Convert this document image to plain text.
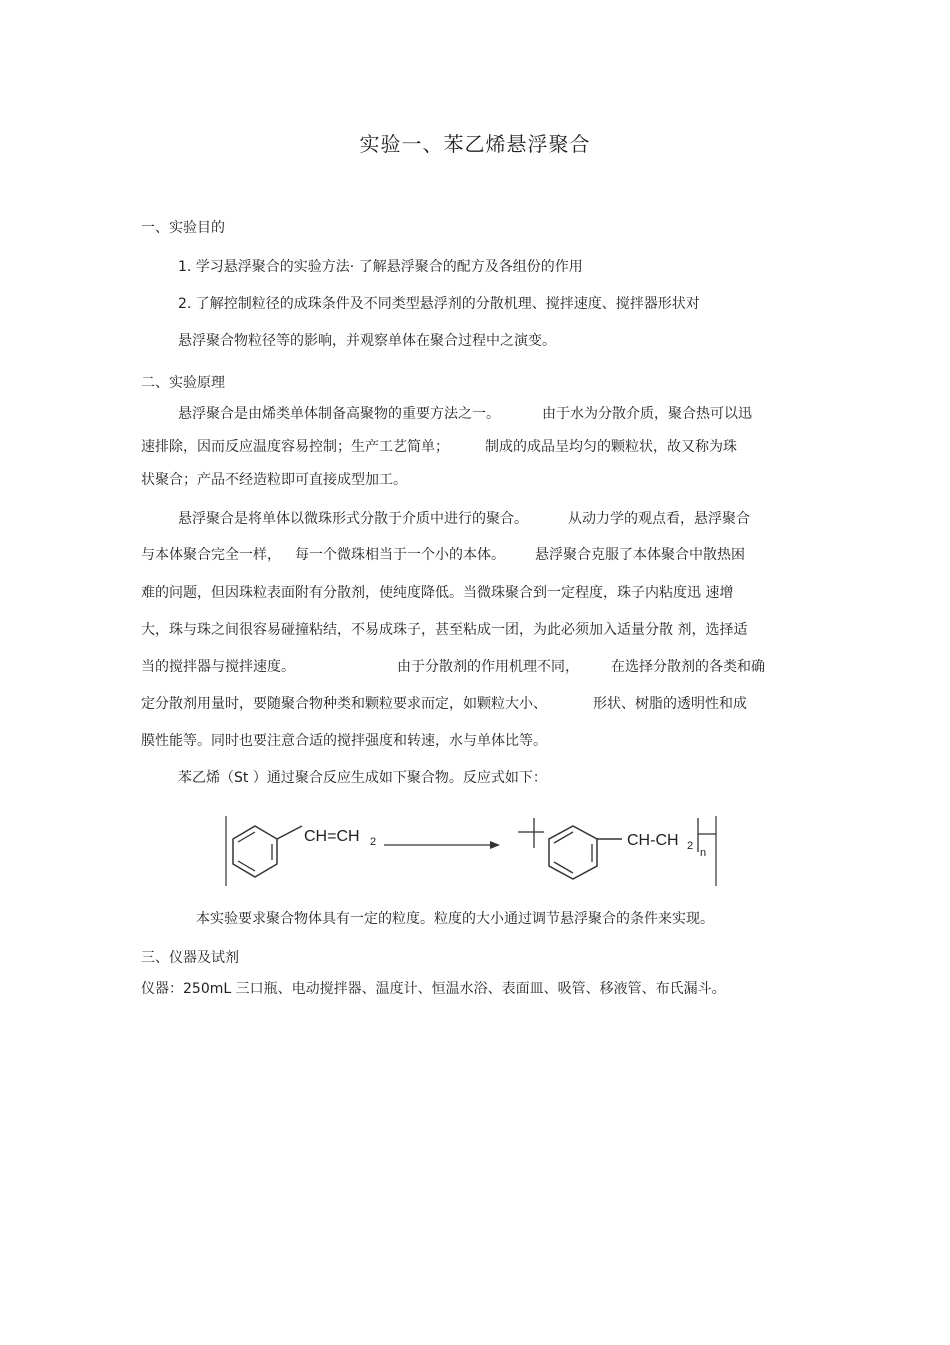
实验一、苯乙烯悬浮聚合
一、实验目的
1. 学习悬浮聚合的实验方法· 了解悬浮聚合的配方及各组份的作用
2. 了解控制粒径的成珠条件及不同类型悬浮剂的分散机理、搅拌速度、搅拌器形状对
悬浮聚合物粒径等的影响，并观察单体在聚合过程中之演变。
二、实验原理
悬浮聚合是由烯类单体制备高聚物的重要方法之一。	由于水为分散介质，聚合热可以迅
速排除，因而反应温度容易控制；生产工艺简单；	制成的成品呈均匀的颗粒状，故又称为珠
状聚合；产品不经造粒即可直接成型加工。
悬浮聚合是将单体以微珠形式分散于介质中进行的聚合。	从动力学的观点看，悬浮聚合
与本体聚合完全一样， 每一个微珠相当于一个小的本体。 悬浮聚合克服了本体聚合中散热困
难的问题，但因珠粒表面附有分散剂，使纯度降低。当微珠聚合到一定程度，珠子内粘度迅 速增
大，珠与珠之间很容易碰撞粘结，不易成珠子，甚至粘成一团，为此必须加入适量分散 剂，选择适
当的搅拌器与搅拌速度。	由于分散剂的作用机理不同， 在选择分散剂的各类和确
定分散剂用量时，要随聚合物种类和颗粒要求而定，如颗粒大小、	形状、树脂的透明性和成
膜性能等。同时也要注意合适的搅拌强度和转速，水与单体比等。
苯乙烯（St ）通过聚合反应生成如下聚合物。反应式如下：
CH=CH 2	CH-CH 2
n
本实验要求聚合物体具有一定的粒度。粒度的大小通过调节悬浮聚合的条件来实现。
三、仪器及试剂
仪器：250mL 三口瓶、电动搅拌器、温度计、恒温水浴、表面皿、吸管、移液管、布氏漏斗。
